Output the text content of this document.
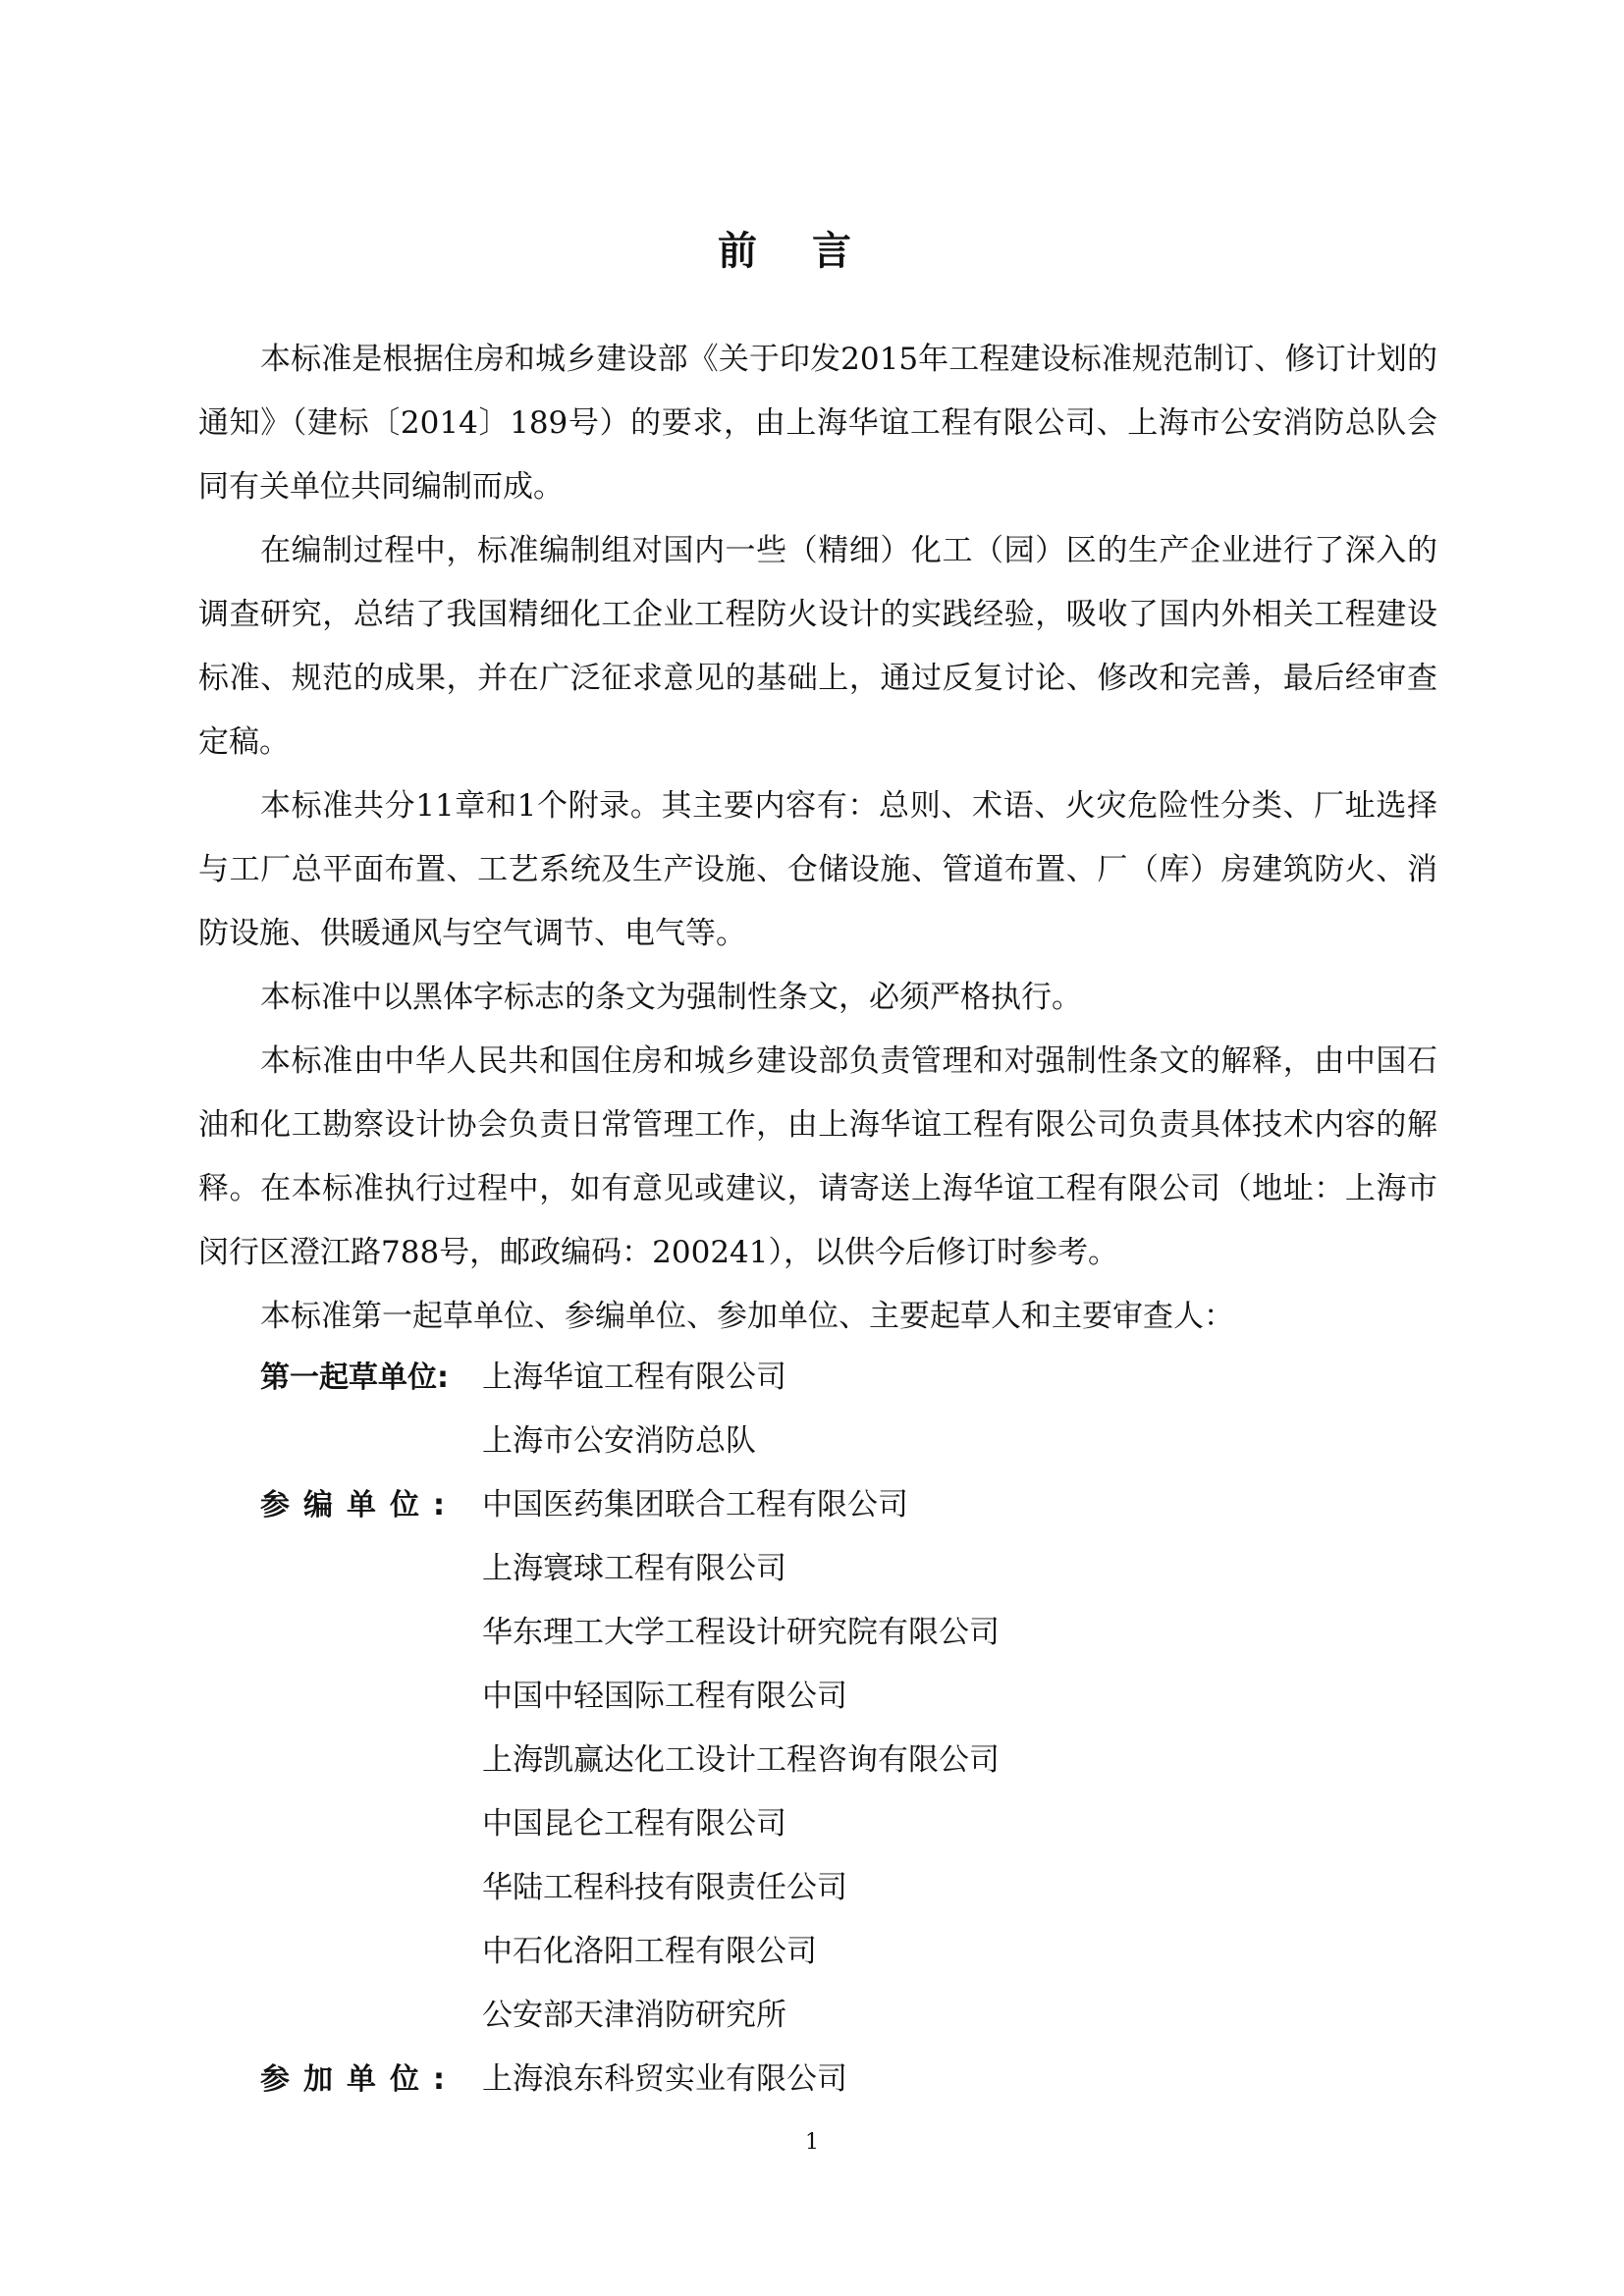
前言

本标准是根据住房和城乡建设部《关于印发2015年工程建设标准规范制订、修订计划的通知》（建标〔2014〕189号）的要求，由上海华谊工程有限公司、上海市公安消防总队会同有关单位共同编制而成。

在编制过程中，标准编制组对国内一些（精细）化工（园）区的生产企业进行了深入的调查研究，总结了我国精细化工企业工程防火设计的实践经验，吸收了国内外相关工程建设标准、规范的成果，并在广泛征求意见的基础上，通过反复讨论、修改和完善，最后经审查定稿。

本标准共分11章和1个附录。其主要内容有：总则、术语、火灾危险性分类、厂址选择与工厂总平面布置、工艺系统及生产设施、仓储设施、管道布置、厂（库）房建筑防火、消防设施、供暖通风与空气调节、电气等。

本标准中以黑体字标志的条文为强制性条文，必须严格执行。

本标准由中华人民共和国住房和城乡建设部负责管理和对强制性条文的解释，由中国石油和化工勘察设计协会负责日常管理工作，由上海华谊工程有限公司负责具体技术内容的解释。在本标准执行过程中，如有意见或建议，请寄送上海华谊工程有限公司（地址：上海市闵行区澄江路788号，邮政编码：200241），以供今后修订时参考。

本标准第一起草单位、参编单位、参加单位、主要起草人和主要审查人：

第一起草单位:	上海华谊工程有限公司
上海市公安消防总队
参编单位: 中国医药集团联合工程有限公司
上海寰球工程有限公司
华东理工大学工程设计研究院有限公司
中国中轻国际工程有限公司
上海凯赢达化工设计工程咨询有限公司
中国昆仑工程有限公司
华陆工程科技有限责任公司
中石化洛阳工程有限公司
公安部天津消防研究所
参加单位: 上海浪东科贸实业有限公司
1
